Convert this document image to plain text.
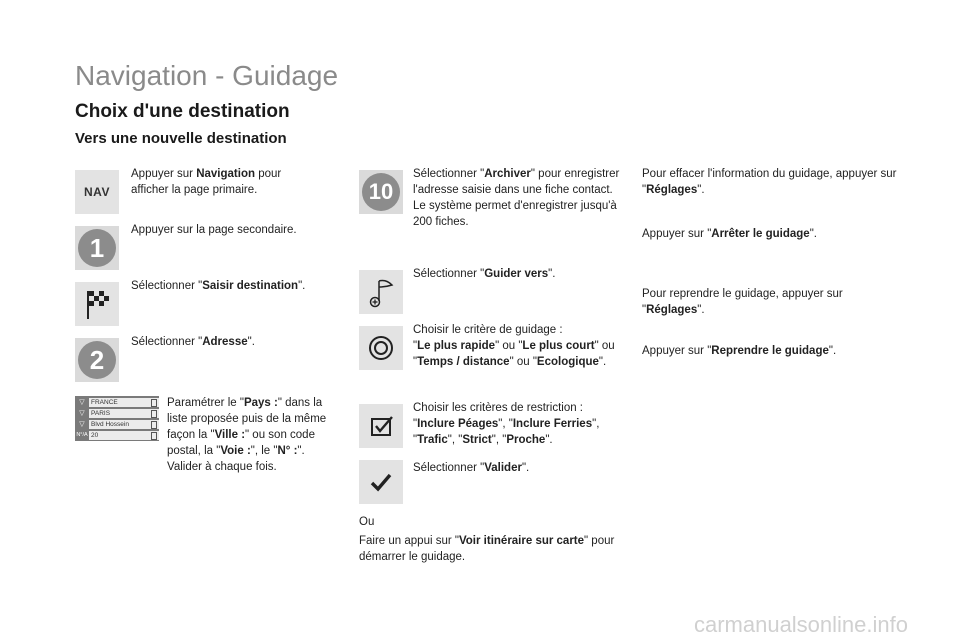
Navigation - Guidage
Choix d'une destination
Vers une nouvelle destination
NAV
1
2
▽ FRANCE
▽ PARIS
▽ Blvd Hossein
N°/A 20
Appuyer sur Navigation pour afficher la page primaire.
Appuyer sur la page secondaire.
Sélectionner "Saisir destination".
Sélectionner "Adresse".
Paramétrer le "Pays :" dans la liste proposée puis de la même façon la "Ville :" ou son code postal, la "Voie :", le "N° :".
Valider à chaque fois.
10
Sélectionner "Archiver" pour enregistrer l'adresse saisie dans une fiche contact.
Le système permet d'enregistrer jusqu'à 200 fiches.
Sélectionner "Guider vers".
Choisir le critère de guidage :
"Le plus rapide" ou "Le plus court" ou "Temps / distance" ou "Ecologique".
Choisir les critères de restriction :
"Inclure Péages", "Inclure Ferries",
"Trafic", "Strict", "Proche".
Sélectionner "Valider".
Ou
Faire un appui sur "Voir itinéraire sur carte" pour démarrer le guidage.
Pour effacer l'information du guidage, appuyer sur "Réglages".
Appuyer sur "Arrêter le guidage".
Pour reprendre le guidage, appuyer sur "Réglages".
Appuyer sur "Reprendre le guidage".
carmanualsonline.info
